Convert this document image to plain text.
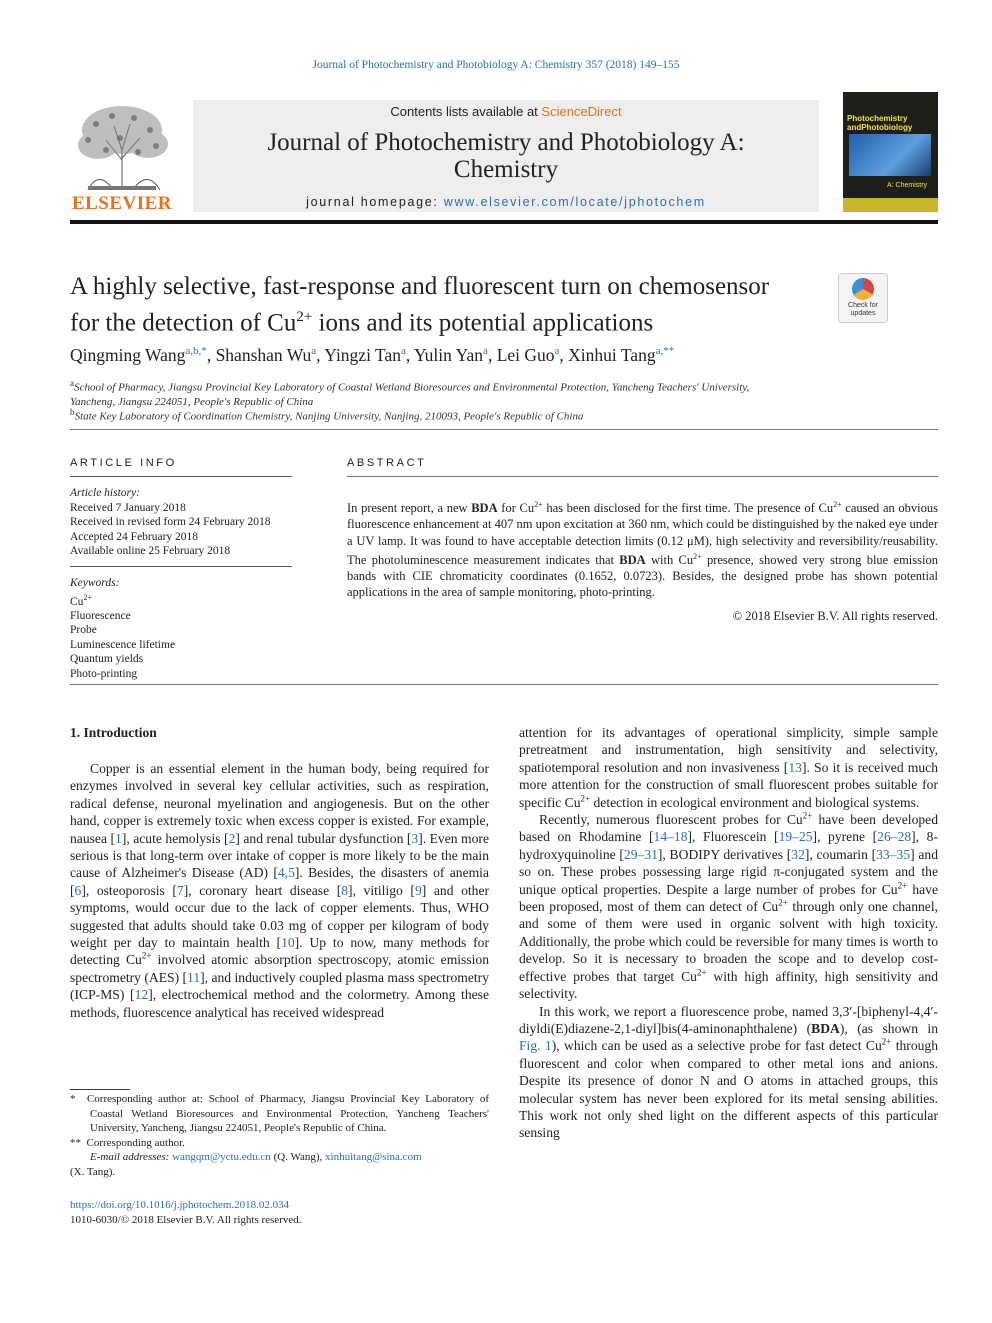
Journal of Photochemistry and Photobiology A: Chemistry 357 (2018) 149–155
ELSEVIER
Contents lists available at ScienceDirect
Journal of Photochemistry and Photobiology A:
Chemistry
journal homepage: www.elsevier.com/locate/jphotochem
Photochemistry
andPhotobiology
A: Chemistry
A highly selective, fast-response and fluorescent turn on chemosensor
for the detection of $Cu^{2+}$ ions and its potential applications
Check for
updates
Qingming Wang$^{a,b,*}$, Shanshan Wu$^a$, Yingzi Tan$^a$, Yulin Yan$^a$, Lei Guo$^a$, Xinhui Tang$^{a,**}$
$^a$School of Pharmacy, Jiangsu Provincial Key Laboratory of Coastal Wetland Bioresources and Environmental Protection, Yancheng Teachers' University,
Yancheng, Jiangsu 224051, People's Republic of China
$^b$State Key Laboratory of Coordination Chemistry, Nanjing University, Nanjing, 210093, People's Republic of China
ARTICLE INFO
Article history:
Received 7 January 2018
Received in revised form 24 February 2018
Accepted 24 February 2018
Available online 25 February 2018
Keywords:
$Cu^{2+}$
Fluorescence
Probe
Luminescence lifetime
Quantum yields
Photo-printing
ABSTRACT
In present report, a new BDA for $Cu^{2+}$ has been disclosed for the first time. The presence of $Cu^{2+}$ caused an obvious fluorescence enhancement at 407 nm upon excitation at 360 nm, which could be distinguished by the naked eye under a UV lamp. It was found to have acceptable detection limits (0.12 μM), high selectivity and reversibility/reusability. The photoluminescence measurement indicates that BDA with $Cu^{2+}$ presence, showed very strong blue emission bands with CIE chromaticity coordinates (0.1652, 0.0723). Besides, the designed probe has shown potential applications in the area of sample monitoring, photo-printing.
© 2018 Elsevier B.V. All rights reserved.
1. Introduction

Copper is an essential element in the human body, being required for enzymes involved in several key cellular activities, such as respiration, radical defense, neuronal myelination and angiogenesis. But on the other hand, copper is extremely toxic when excess copper is existed. For example, nausea [1], acute hemolysis [2] and renal tubular dysfunction [3]. Even more serious is that long-term over intake of copper is more likely to be the main cause of Alzheimer's Disease (AD) [4,5]. Besides, the disasters of anemia [6], osteoporosis [7], coronary heart disease [8], vitiligo [9] and other symptoms, would occur due to the lack of copper elements. Thus, WHO suggested that adults should take 0.03 mg of copper per kilogram of body weight per day to maintain health [10]. Up to now, many methods for detecting $Cu^{2+}$ involved atomic absorption spectroscopy, atomic emission spectrometry (AES) [11], and inductively coupled plasma mass spectrometry (ICP-MS) [12], electrochemical method and the colormetry. Among these methods, fluorescence analytical has received widespread

attention for its advantages of operational simplicity, simple sample pretreatment and instrumentation, high sensitivity and selectivity, spatiotemporal resolution and non invasiveness [13]. So it is received much more attention for the construction of small fluorescent probes suitable for specific $Cu^{2+}$ detection in ecological environment and biological systems.

Recently, numerous fluorescent probes for $Cu^{2+}$ have been developed based on Rhodamine [14–18], Fluorescein [19–25], pyrene [26–28], 8-hydroxyquinoline [29–31], BODIPY derivatives [32], coumarin [33–35] and so on. These probes possessing large rigid π-conjugated system and the unique optical properties. Despite a large number of probes for $Cu^{2+}$ have been proposed, most of them can detect of $Cu^{2+}$ through only one channel, and some of them were used in organic solvent with high toxicity. Additionally, the probe which could be reversible for many times is worth to develop. So it is necessary to broaden the scope and to develop cost-effective probes that target $Cu^{2+}$ with high affinity, high sensitivity and selectivity.

In this work, we report a fluorescence probe, named 3,3′-[biphenyl-4,4′-diyldi(E)diazene-2,1-diyl]bis(4-aminonaphthalene) (BDA), (as shown in Fig. 1), which can be used as a selective probe for fast detect $Cu^{2+}$ through fluorescent and color when compared to other metal ions and anions. Despite its presence of donor N and O atoms in attached groups, this molecular system has never been explored for its metal sensing abilities. This work not only shed light on the different aspects of this particular sensing

* Corresponding author at: School of Pharmacy, Jiangsu Provincial Key Laboratory of Coastal Wetland Bioresources and Environmental Protection, Yancheng Teachers' University, Yancheng, Jiangsu 224051, People's Republic of China.
** Corresponding author.
E-mail addresses: wangqm@yctu.edu.cn (Q. Wang), xinhuitang@sina.com
(X. Tang).
https://doi.org/10.1016/j.jphotochem.2018.02.034
1010-6030/© 2018 Elsevier B.V. All rights reserved.
